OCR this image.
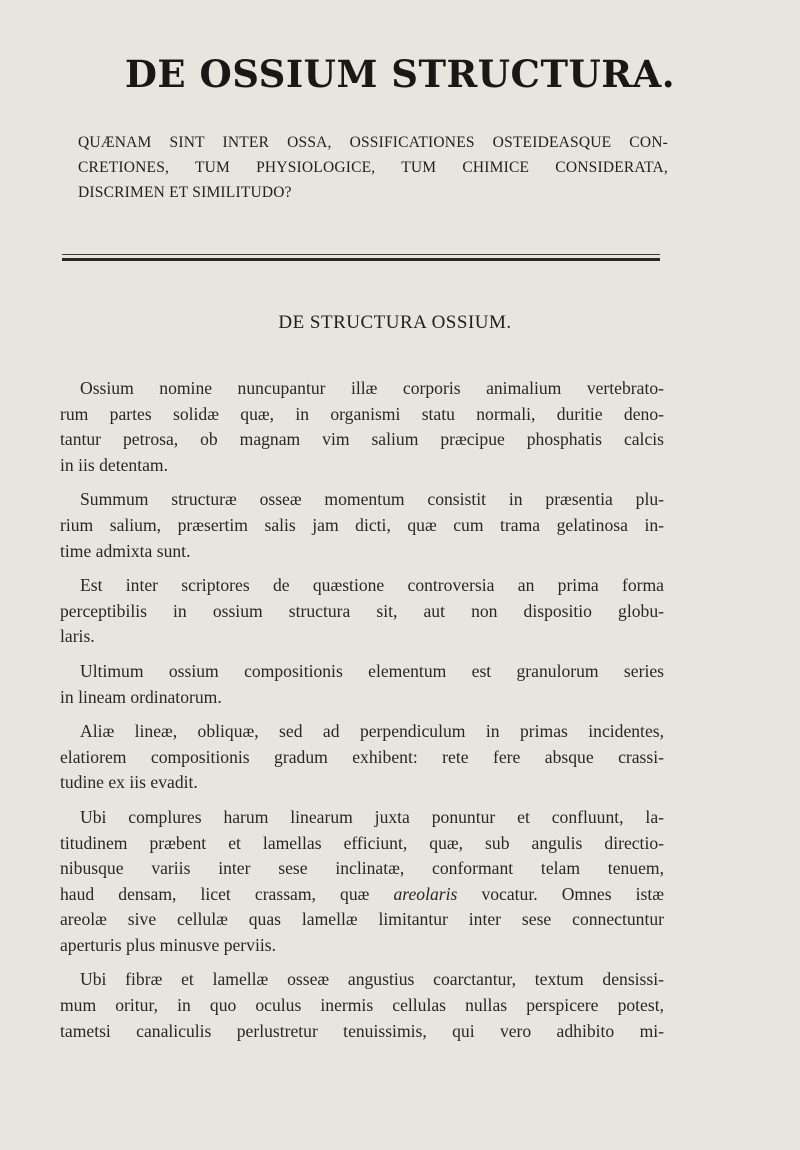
DE OSSIUM STRUCTURA.
QUÆNAM SINT INTER OSSA, OSSIFICATIONES OSTEIDEASQUE CON-
CRETIONES, TUM PHYSIOLOGICE, TUM CHIMICE CONSIDERATA,
DISCRIMEN ET SIMILITUDO?
DE STRUCTURA OSSIUM.

Ossium nomine nuncupantur illæ corporis animalium vertebrato-
rum partes solidæ quæ, in organismi statu normali, duritie deno-
tantur petrosa, ob magnam vim salium præcipue phosphatis calcis
in iis detentam.

Summum structuræ osseæ momentum consistit in præsentia plu-
rium salium, præsertim salis jam dicti, quæ cum trama gelatinosa in-
time admixta sunt.

Est inter scriptores de quæstione controversia an prima forma
perceptibilis in ossium structura sit, aut non dispositio globu-
laris.

Ultimum ossium compositionis elementum est granulorum series
in lineam ordinatorum.

Aliæ lineæ, obliquæ, sed ad perpendiculum in primas incidentes,
elatiorem compositionis gradum exhibent: rete fere absque crassi-
tudine ex iis evadit.

Ubi complures harum linearum juxta ponuntur et confluunt, la-
titudinem præbent et lamellas efficiunt, quæ, sub angulis directio-
nibusque variis inter sese inclinatæ, conformant telam tenuem,
haud densam, licet crassam, quæ areolaris vocatur. Omnes istæ
areolæ sive cellulæ quas lamellæ limitantur inter sese connectuntur
aperturis plus minusve perviis.

Ubi fibræ et lamellæ osseæ angustius coarctantur, textum densissi-
mum oritur, in quo oculus inermis cellulas nullas perspicere potest,
tametsi canaliculis perlustretur tenuissimis, qui vero adhibito mi-
